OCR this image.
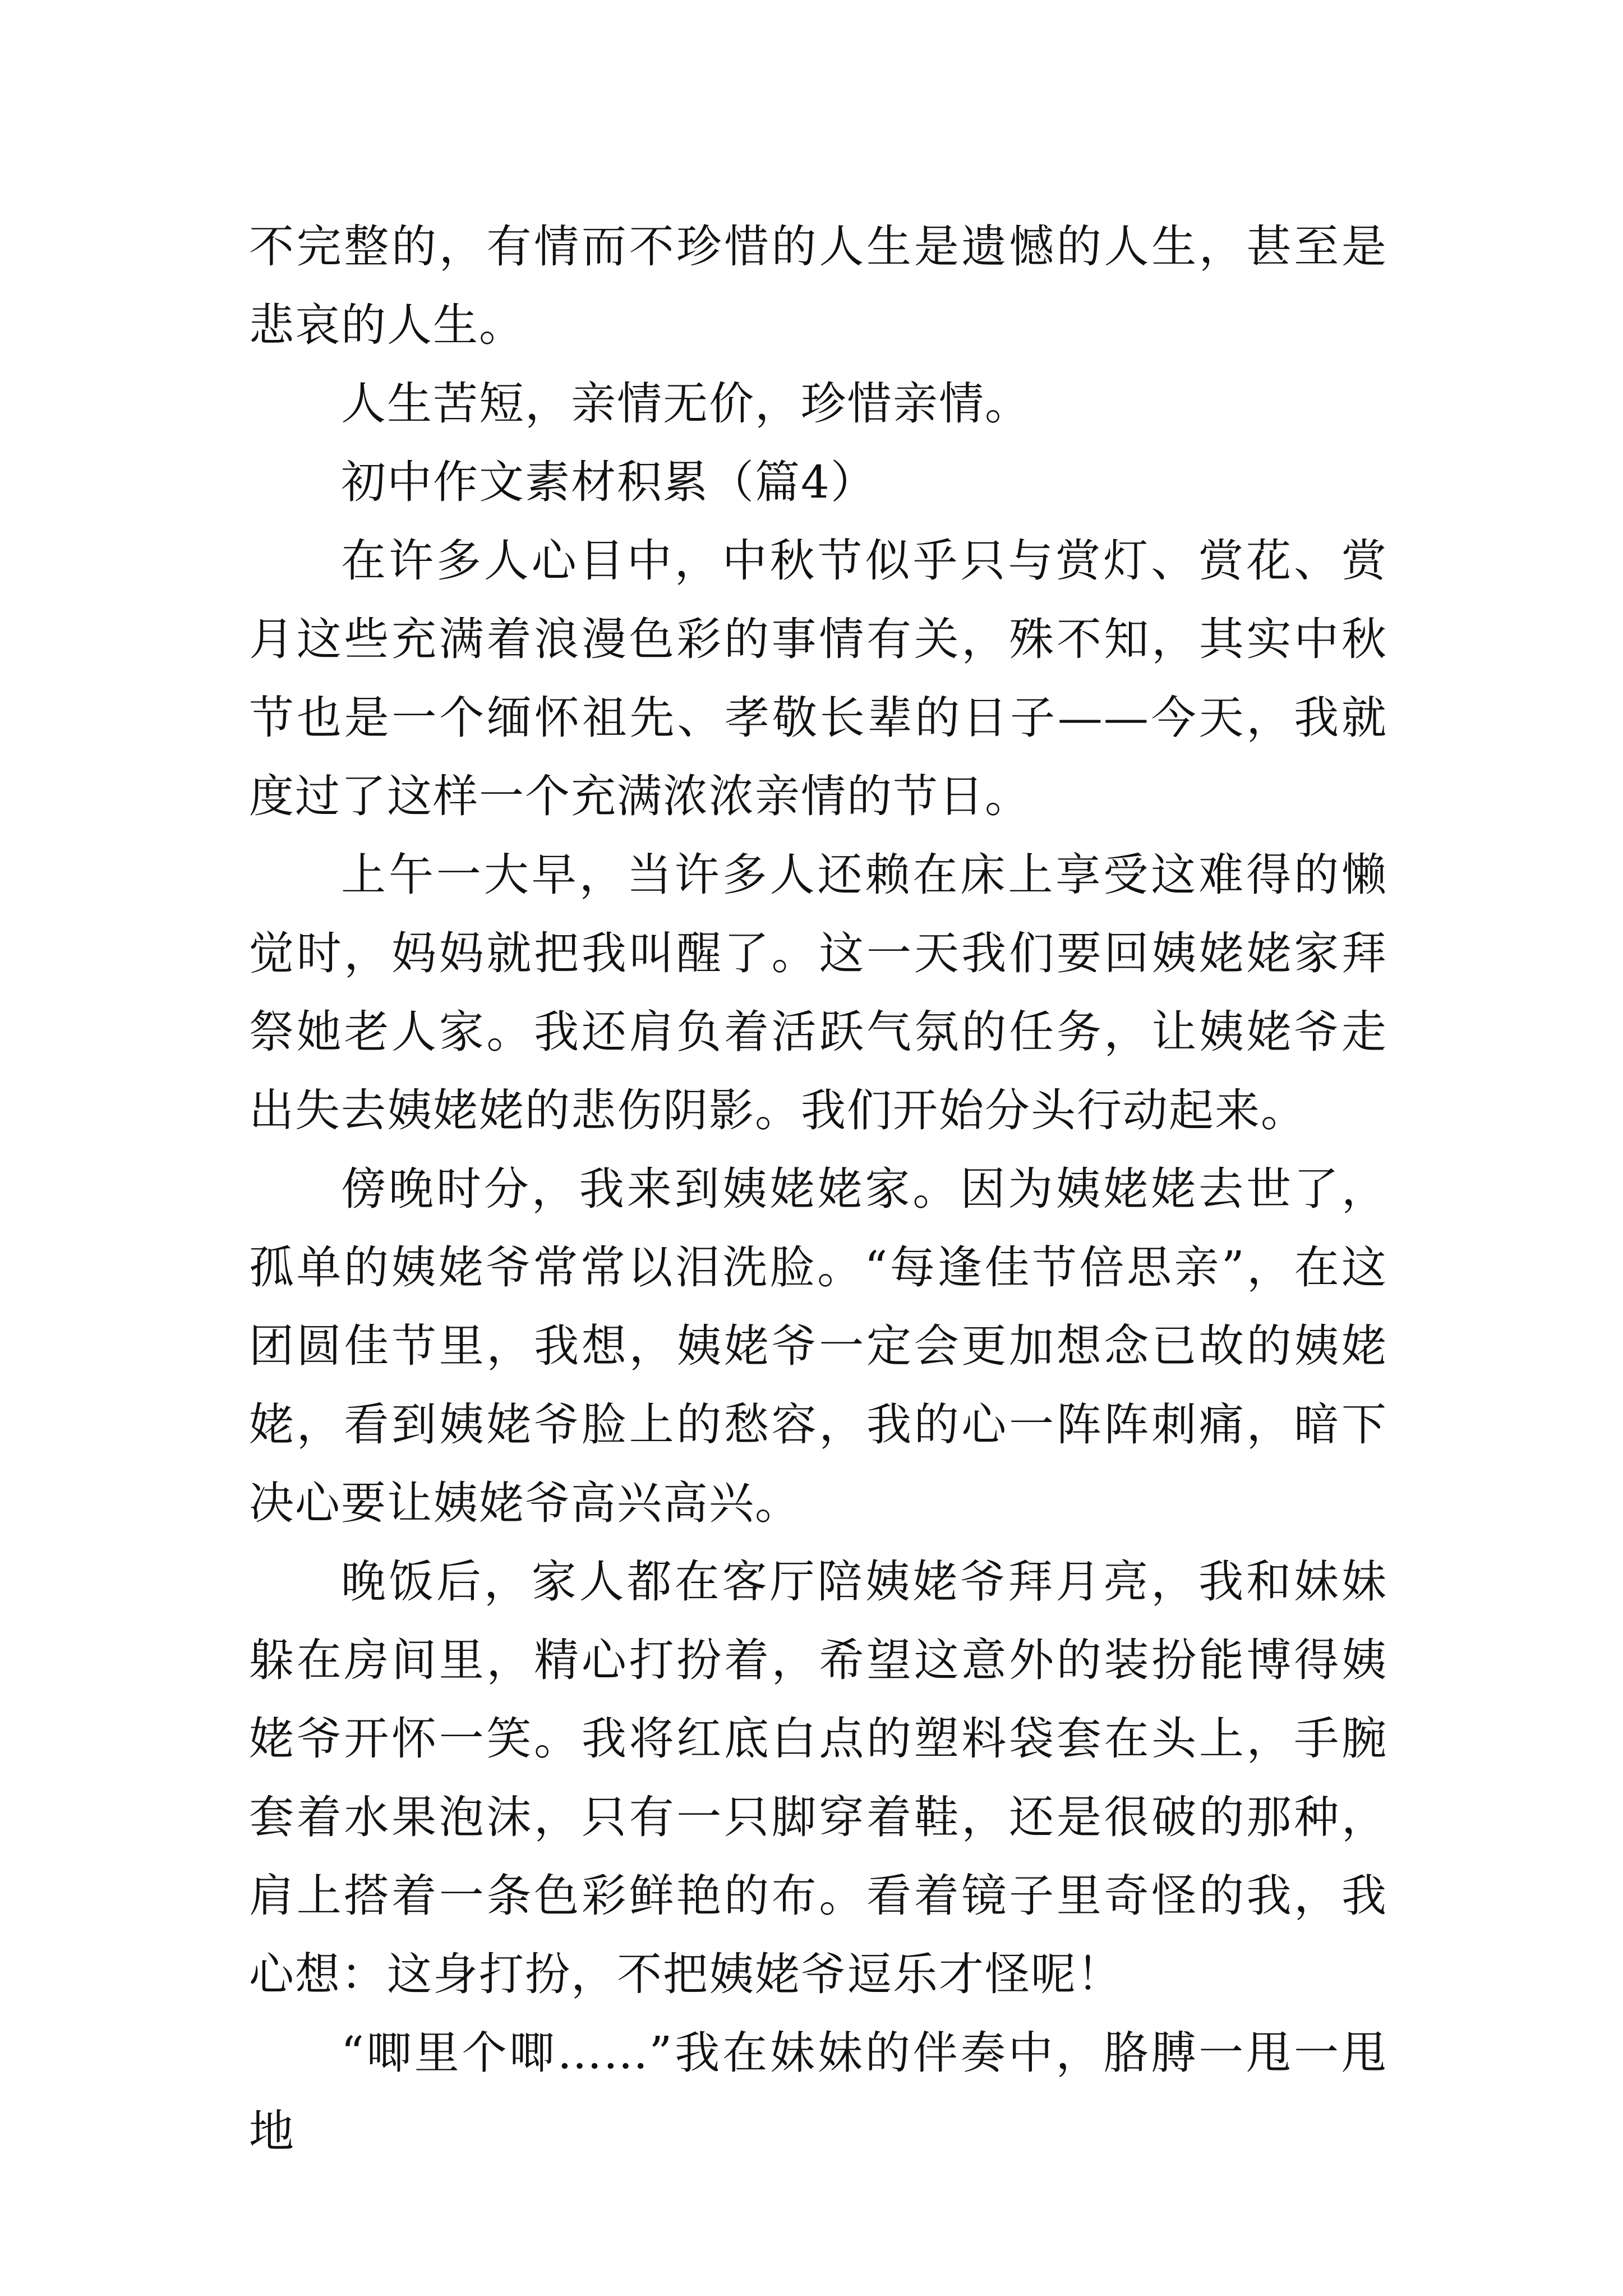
不完整的，有情而不珍惜的人生是遗憾的人生，甚至是悲哀的人生。

人生苦短，亲情无价，珍惜亲情。

初中作文素材积累（篇4）

在许多人心目中，中秋节似乎只与赏灯、赏花、赏月这些充满着浪漫色彩的事情有关，殊不知，其实中秋节也是一个缅怀祖先、孝敬长辈的日子——今天，我就度过了这样一个充满浓浓亲情的节日。

上午一大早，当许多人还赖在床上享受这难得的懒觉时，妈妈就把我叫醒了。这一天我们要回姨姥姥家拜祭她老人家。我还肩负着活跃气氛的任务，让姨姥爷走出失去姨姥姥的悲伤阴影。我们开始分头行动起来。

傍晚时分，我来到姨姥姥家。因为姨姥姥去世了，孤单的姨姥爷常常以泪洗脸。“每逢佳节倍思亲”，在这团圆佳节里，我想，姨姥爷一定会更加想念已故的姨姥姥，看到姨姥爷脸上的愁容，我的心一阵阵刺痛，暗下决心要让姨姥爷高兴高兴。

晚饭后，家人都在客厅陪姨姥爷拜月亮，我和妹妹躲在房间里，精心打扮着，希望这意外的装扮能博得姨姥爷开怀一笑。我将红底白点的塑料袋套在头上，手腕套着水果泡沫，只有一只脚穿着鞋，还是很破的那种，肩上搭着一条色彩鲜艳的布。看着镜子里奇怪的我，我心想：这身打扮，不把姨姥爷逗乐才怪呢！

“唧里个唧……”我在妹妹的伴奏中，胳膊一甩一甩地
